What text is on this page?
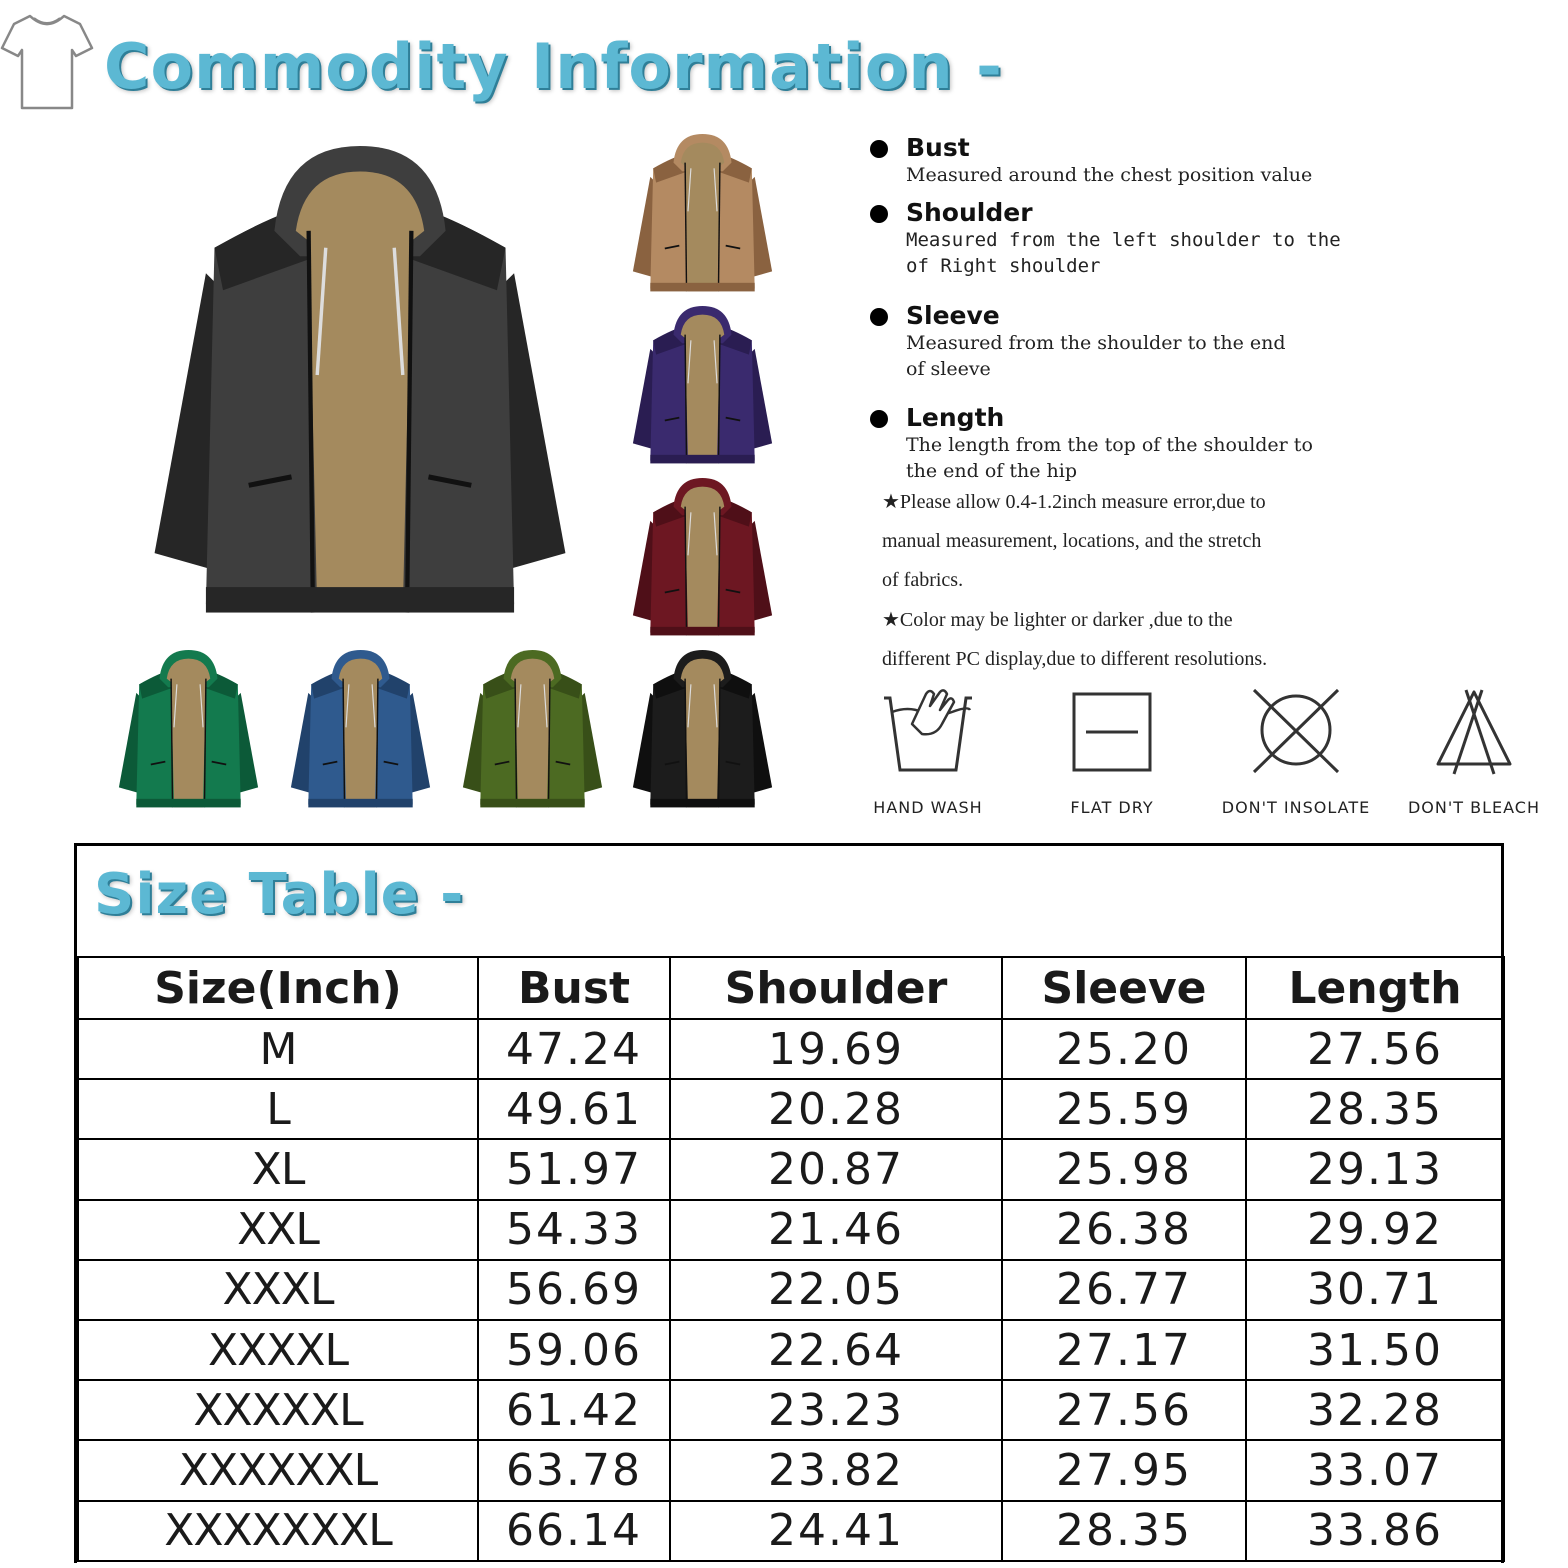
Commodity Information -
Bust
Measured around the chest position value
Shoulder
Measured from the left shoulder to the
of Right shoulder
Sleeve
Measured from the shoulder to the end
of sleeve
Length
The length from the top of the shoulder to
the end of the hip

★Please allow 0.4-1.2inch measure error,due to

manual measurement, locations, and the stretch

of fabrics.

★Color may be lighter or darker ,due to the

different PC display,due to different resolutions.

HAND WASH	FLAT DRY	DON'T INSOLATE	DON'T BLEACH
Size Table -
Size(Inch)	Bust	Shoulder	Sleeve	Length
M	47.24	19.69	25.20	27.56
L	49.61	20.28	25.59	28.35
XL	51.97	20.87	25.98	29.13
XXL	54.33	21.46	26.38	29.92
XXXL	56.69	22.05	26.77	30.71
XXXXL	59.06	22.64	27.17	31.50
XXXXXL	61.42	23.23	27.56	32.28
XXXXXXL	63.78	23.82	27.95	33.07
XXXXXXXL	66.14	24.41	28.35	33.86
